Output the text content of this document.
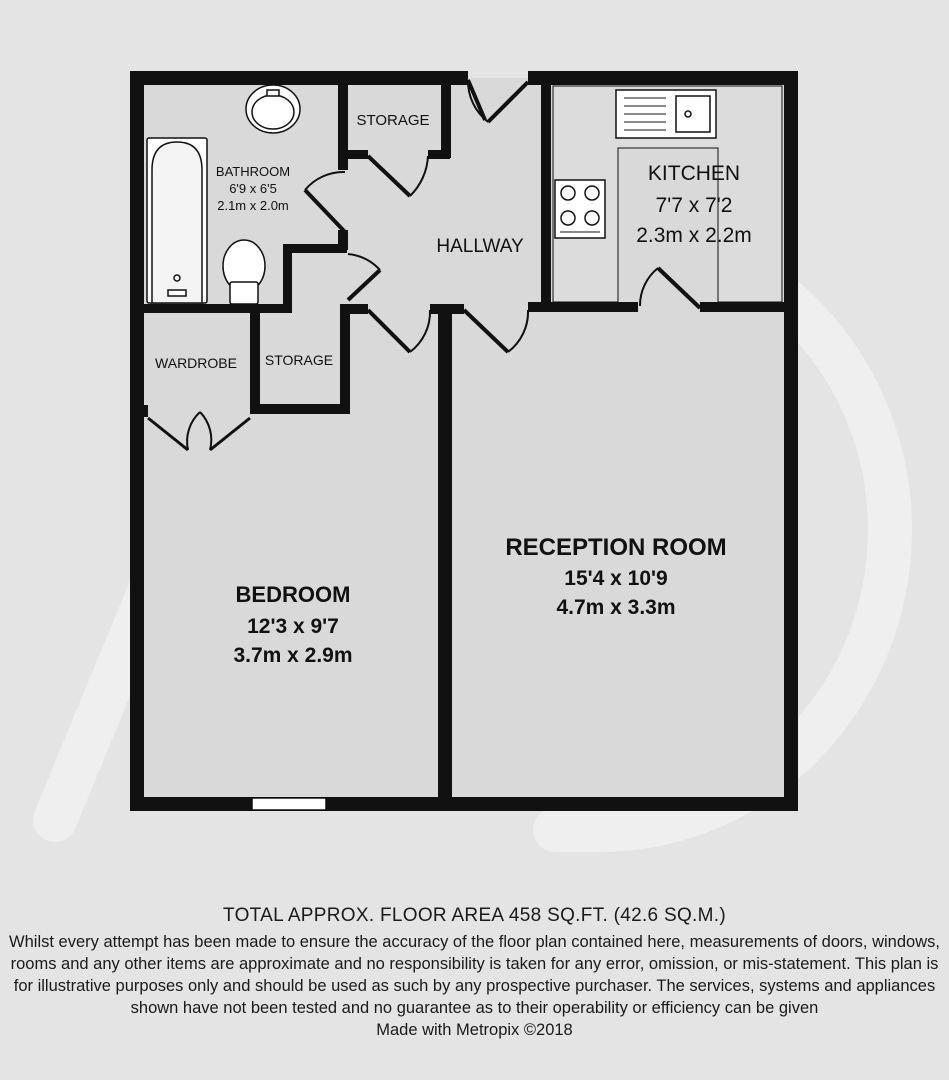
STORAGE
BATHROOM
6'9 x 6'5
2.1m x 2.0m
HALLWAY
KITCHEN
7'7 x 7'2
2.3m x 2.2m
WARDROBE STORAGE
RECEPTION ROOM
15'4 x 10'9
4.7m x 3.3m
BEDROOM
12'3 x 9'7
3.7m x 2.9m
TOTAL APPROX. FLOOR AREA 458 SQ.FT. (42.6 SQ.M.)
Whilst every attempt has been made to ensure the accuracy of the floor plan contained here, measurements of doors, windows, rooms and any other items are approximate and no responsibility is taken for any error, omission, or mis-statement. This plan is for illustrative purposes only and should be used as such by any prospective purchaser. The services, systems and appliances shown have not been tested and no guarantee as to their operability or efficiency can be given
Made with Metropix ©2018
